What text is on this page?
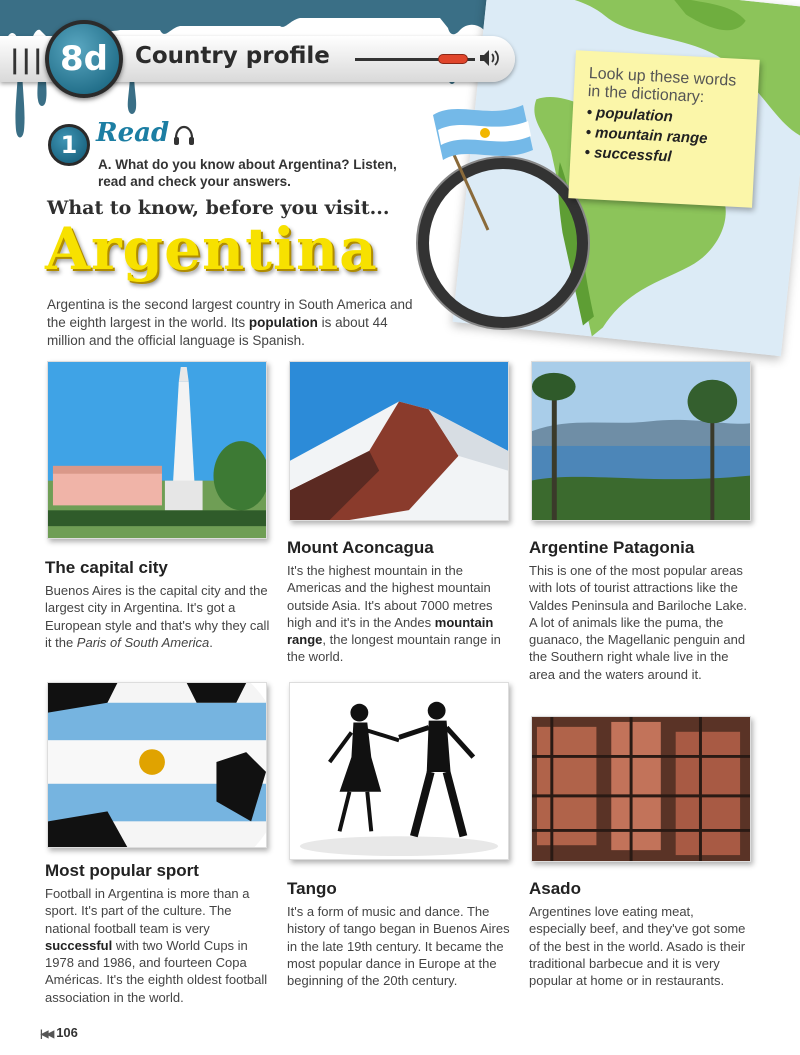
||| 8d	Country profile
Look up these words in the dictionary:
• population
• mountain range
• successful
1 Read
A. What do you know about Argentina? Listen, read and check your answers.
What to know, before you visit...
Argentina
Argentina is the second largest country in South America and the eighth largest in the world. Its population is about 44 million and the official language is Spanish.
The capital city
Buenos Aires is the capital city and the largest city in Argentina. It's got a European style and that's why they call it the Paris of South America.
Mount Aconcagua
It's the highest mountain in the Americas and the highest mountain outside Asia. It's about 7000 metres high and it's in the Andes mountain range, the longest mountain range in the world.
Argentine Patagonia
This is one of the most popular areas with lots of tourist attractions like the Valdes Peninsula and Bariloche Lake. A lot of animals like the puma, the guanaco, the Magellanic penguin and the Southern right whale live in the area and the waters around it.
Most popular sport
Football in Argentina is more than a sport. It's part of the culture. The national football team is very successful with two World Cups in 1978 and 1986, and fourteen Copa Américas. It's the eighth oldest football association in the world.
Tango
It's a form of music and dance. The history of tango began in Buenos Aires in the late 19th century. It became the most popular dance in Europe at the beginning of the 20th century.
Asado
Argentines love eating meat, especially beef, and they've got some of the best in the world. Asado is their traditional barbecue and it is very popular at home or in restaurants.
|◀◀ 106
